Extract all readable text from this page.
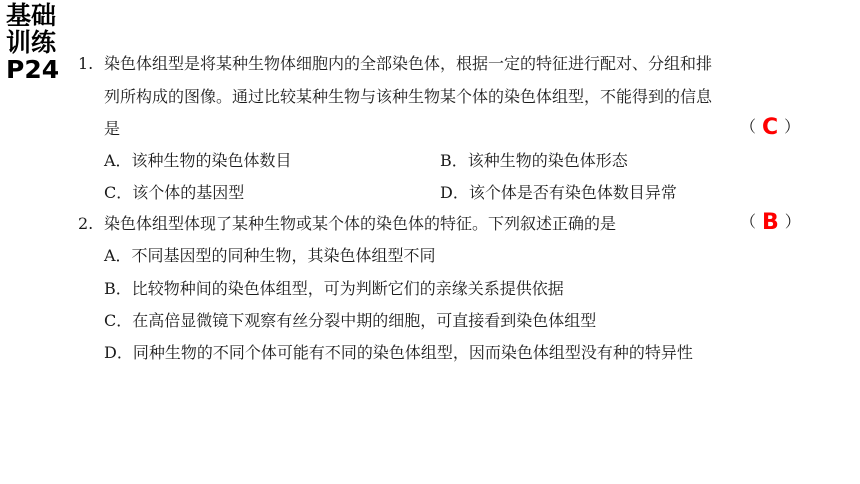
基础
训练
P24 1. 染色体组型是将某种生物体细胞内的全部染色体，根据一定的特征进行配对、分组和排
列所构成的图像。通过比较某种生物与该种生物某个体的染色体组型，不能得到的信息
是	（ C ）
A．该种生物的染色体数目	B．该种生物的染色体形态
C．该个体的基因型	D．该个体是否有染色体数目异常
2. 染色体组型体现了某种生物或某个体的染色体的特征。下列叙述正确的是	（ B ）
A．不同基因型的同种生物，其染色体组型不同
B．比较物种间的染色体组型，可为判断它们的亲缘关系提供依据
C．在高倍显微镜下观察有丝分裂中期的细胞，可直接看到染色体组型
D．同种生物的不同个体可能有不同的染色体组型，因而染色体组型没有种的特异性
